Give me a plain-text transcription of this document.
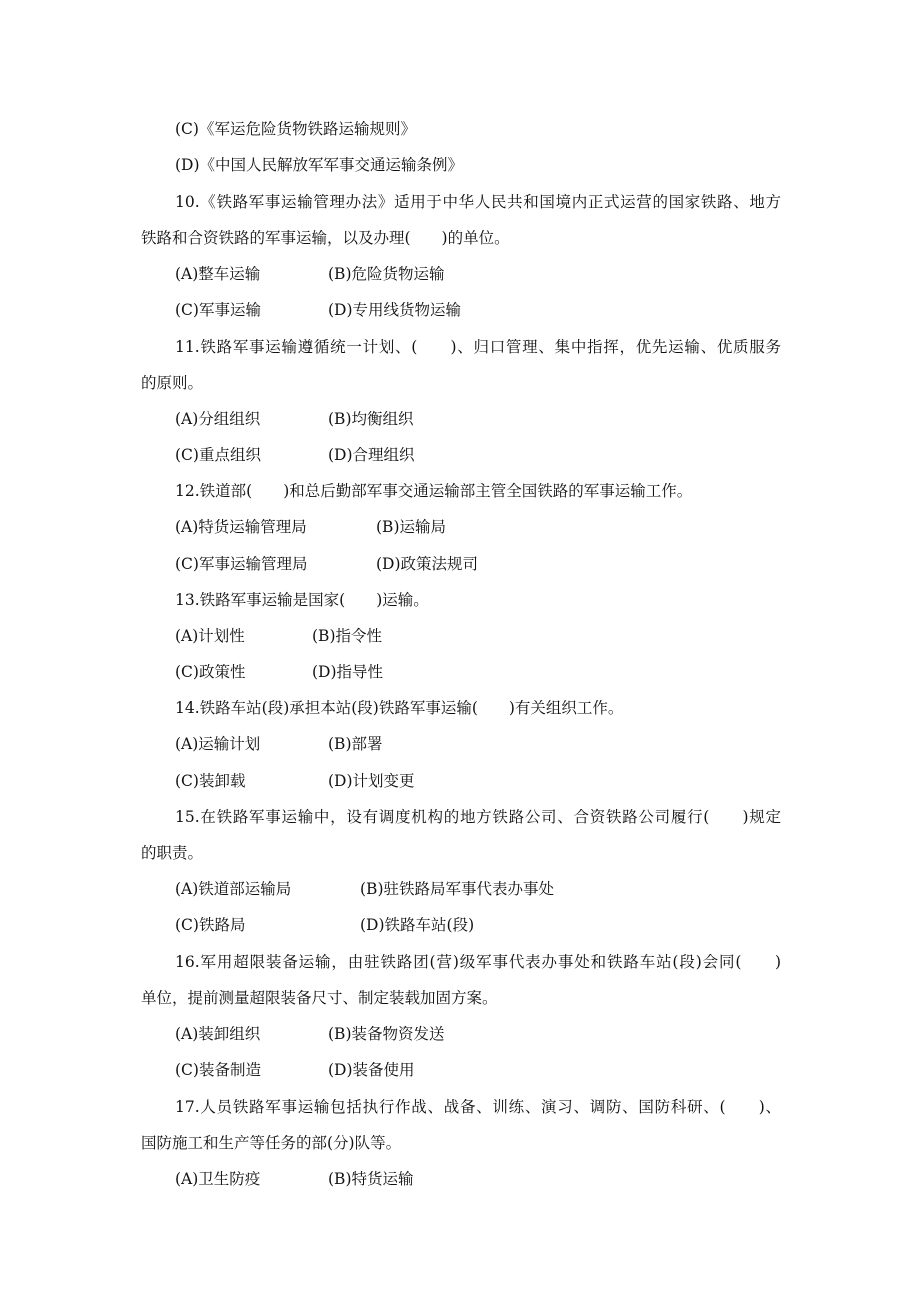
(C)《军运危险货物铁路运输规则》
(D)《中国人民解放军军事交通运输条例》
10.《铁路军事运输管理办法》适用于中华人民共和国境内正式运营的国家铁路、地方
铁路和合资铁路的军事运输，以及办理(　　)的单位。
(A)整车运输	(B)危险货物运输
(C)军事运输	(D)专用线货物运输
11.铁路军事运输遵循统一计划、(　　)、归口管理、集中指挥，优先运输、优质服务
的原则。
(A)分组组织	(B)均衡组织
(C)重点组织	(D)合理组织
12.铁道部(　　)和总后勤部军事交通运输部主管全国铁路的军事运输工作。
(A)特货运输管理局	(B)运输局
(C)军事运输管理局	(D)政策法规司
13.铁路军事运输是国家(　　)运输。
(A)计划性	(B)指令性
(C)政策性	(D)指导性
14.铁路车站(段)承担本站(段)铁路军事运输(　　)有关组织工作。
(A)运输计划	(B)部署
(C)装卸载	(D)计划变更
15.在铁路军事运输中，设有调度机构的地方铁路公司、合资铁路公司履行(　　)规定
的职责。
(A)铁道部运输局	(B)驻铁路局军事代表办事处
(C)铁路局	(D)铁路车站(段)
16.军用超限装备运输，由驻铁路团(营)级军事代表办事处和铁路车站(段)会同(　　)
单位，提前测量超限装备尺寸、制定装载加固方案。
(A)装卸组织	(B)装备物资发送
(C)装备制造	(D)装备使用
17.人员铁路军事运输包括执行作战、战备、训练、演习、调防、国防科研、(　　)、
国防施工和生产等任务的部(分)队等。
(A)卫生防疫	(B)特货运输
